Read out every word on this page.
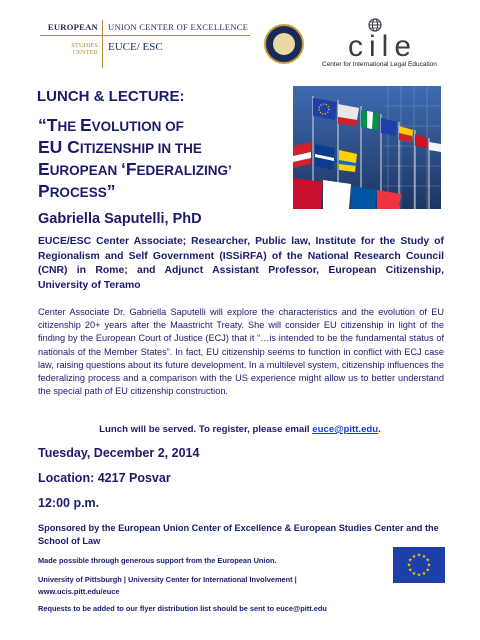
EUROPEAN
STUDIES
CENTER
UNION CENTER OF EXCELLENCE
EUCE/ ESC	cile
Center for International Legal Education
LUNCH & LECTURE:
“THE EVOLUTION OF
EU CITIZENSHIP IN THE
EUROPEAN ‘FEDERALIZING’
PROCESS”
Gabriella Saputelli, PhD
EUCE/ESC Center Associate; Researcher, Public law, Institute for the Study of Regionalism and Self Government (ISSiRFA) of the National Research Council (CNR) in Rome; and Adjunct Assistant Professor, European Citizenship, University of Teramo
Center Associate Dr. Gabriella Saputelli will explore the characteristics and the evolution of EU citizenship 20+ years after the Maastricht Treaty. She will consider EU citizenship in light of the finding by the European Court of Justice (ECJ) that it “…is intended to be the fundamental status of nationals of the Member States”. In fact, EU citizenship seems to function in conflict with ECJ case law, raising questions about its future development. In a multilevel system, citizenship influences the federalizing process and a comparison with the US experience might allow us to better understand the special path of EU citizenship construction.
Lunch will be served. To register, please email euce@pitt.edu.
Tuesday, December 2, 2014
Location: 4217 Posvar
12:00 p.m.
Sponsored by the European Union Center of Excellence & European Studies Center and the School of Law
Made possible through generous support from the European Union.
University of Pittsburgh | University Center for International Involvement | www.ucis.pitt.edu/euce
Requests to be added to our flyer distribution list should be sent to euce@pitt.edu
★ ★
★
★
★
★
★
★
★
★
★
★
